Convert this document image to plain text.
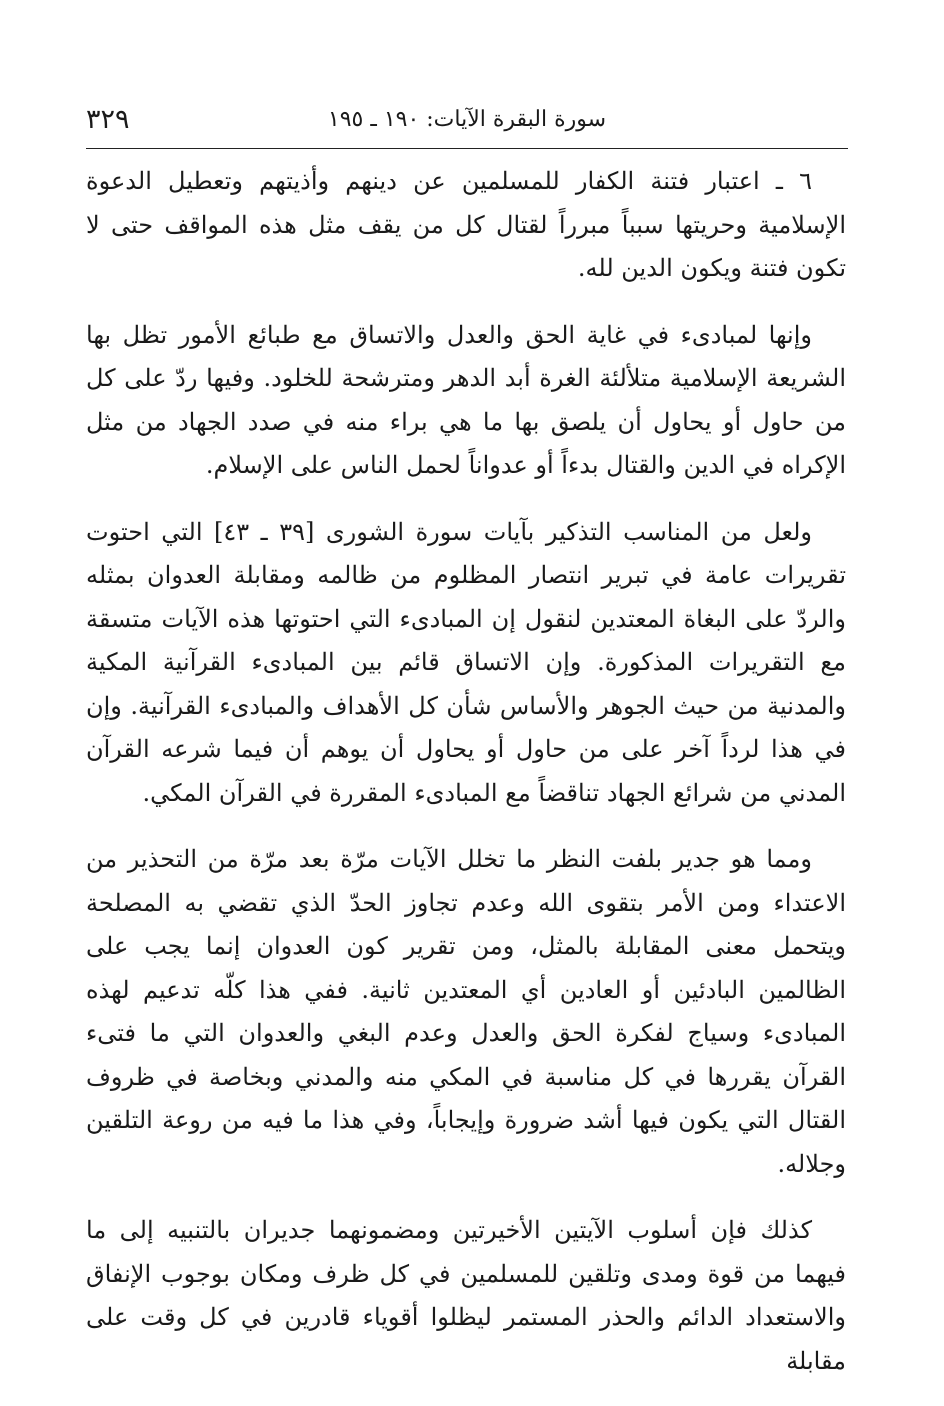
سورة البقرة الآيات: ١٩٠ ـ ١٩٥
٣٢٩

٦ ـ اعتبار فتنة الكفار للمسلمين عن دينهم وأذيتهم وتعطيل الدعوة الإسلامية وحريتها سبباً مبرراً لقتال كل من يقف مثل هذه المواقف حتى لا تكون فتنة ويكون الدين لله.

وإنها لمبادىء في غاية الحق والعدل والاتساق مع طبائع الأمور تظل بها الشريعة الإسلامية متلألئة الغرة أبد الدهر ومترشحة للخلود. وفيها ردّ على كل من حاول أو يحاول أن يلصق بها ما هي براء منه في صدد الجهاد من مثل الإكراه في الدين والقتال بدءاً أو عدواناً لحمل الناس على الإسلام.

ولعل من المناسب التذكير بآيات سورة الشورى [٣٩ ـ ٤٣] التي احتوت تقريرات عامة في تبرير انتصار المظلوم من ظالمه ومقابلة العدوان بمثله والردّ على البغاة المعتدين لنقول إن المبادىء التي احتوتها هذه الآيات متسقة مع التقريرات المذكورة. وإن الاتساق قائم بين المبادىء القرآنية المكية والمدنية من حيث الجوهر والأساس شأن كل الأهداف والمبادىء القرآنية. وإن في هذا لرداً آخر على من حاول أو يحاول أن يوهم أن فيما شرعه القرآن المدني من شرائع الجهاد تناقضاً مع المبادىء المقررة في القرآن المكي.

ومما هو جدير بلفت النظر ما تخلل الآيات مرّة بعد مرّة من التحذير من الاعتداء ومن الأمر بتقوى الله وعدم تجاوز الحدّ الذي تقضي به المصلحة ويتحمل معنى المقابلة بالمثل، ومن تقرير كون العدوان إنما يجب على الظالمين البادئين أو العادين أي المعتدين ثانية. ففي هذا كلّه تدعيم لهذه المبادىء وسياج لفكرة الحق والعدل وعدم البغي والعدوان التي ما فتىء القرآن يقررها في كل مناسبة في المكي منه والمدني وبخاصة في ظروف القتال التي يكون فيها أشد ضرورة وإيجاباً، وفي هذا ما فيه من روعة التلقين وجلاله.

كذلك فإن أسلوب الآيتين الأخيرتين ومضمونهما جديران بالتنبيه إلى ما فيهما من قوة ومدى وتلقين للمسلمين في كل ظرف ومكان بوجوب الإنفاق والاستعداد الدائم والحذر المستمر ليظلوا أقوياء قادرين في كل وقت على مقابلة
